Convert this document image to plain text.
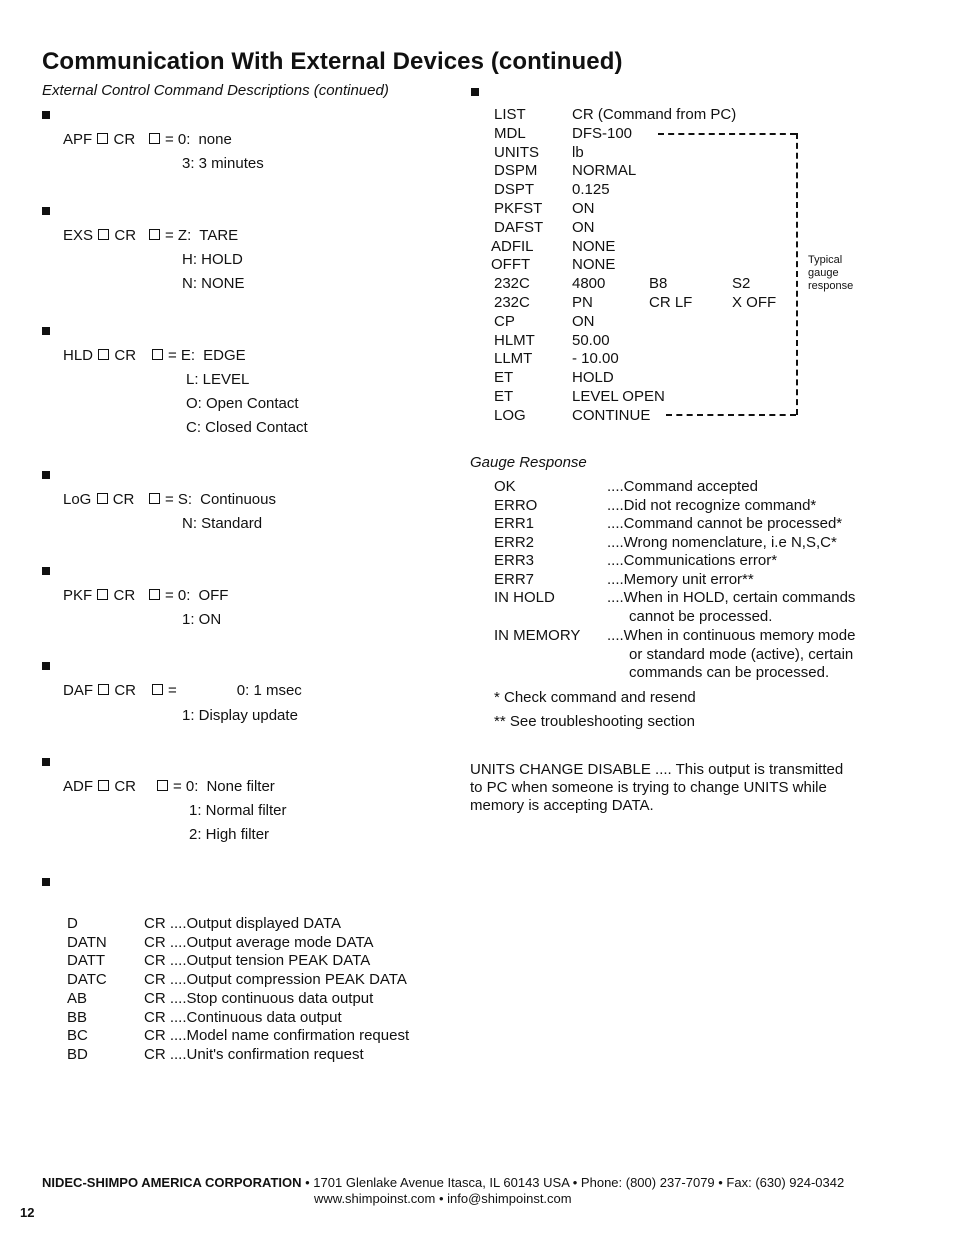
Communication With External Devices (continued)
External Control Command Descriptions (continued)
APF CR	= 0: none
3: 3 minutes
EXS CR	= Z: TARE
H: HOLD
N: NONE
HLD CR	= E: EDGE
L: LEVEL
O: Open Contact
C: Closed Contact
LoG CR	= S: Continuous
N: Standard
PKF CR	= 0: OFF
1: ON
DAF CR	=	0: 1 msec
1: Display update
ADF CR	= 0: None filter
1: Normal filter
2: High filter
D	CR ....Output displayed DATA
DATN CR ....Output average mode DATA
DATT	CR ....Output tension PEAK DATA
DATC CR ....Output compression PEAK DATA
AB	CR ....Stop continuous data output
BB	CR ....Continuous data output
BC	CR ....Model name confirmation request
BD	CR ....Unit's confirmation request
LIST	CR (Command from PC)
MDL	DFS-100
UNITS lb
DSPM NORMAL
DSPT	0.125
PKFST ON
DAFST ON
ADFIL	NONE
OFFT	NONE
232C	4800	B8	S2
232C	PN	CR LF	X OFF
CP	ON
HLMT 50.00
LLMT	- 10.00
ET	HOLD
ET	LEVEL OPEN
LOG	CONTINUE
Typical
gauge
response
Gauge Response
OK	....Command accepted
ERRO	....Did not recognize command*
ERR1	....Command cannot be processed*
ERR2	....Wrong nomenclature, i.e N,S,C*
ERR3	....Communications error*
ERR7	....Memory unit error**
IN HOLD	....When in HOLD, certain commands
cannot be processed.
IN MEMORY ....When in continuous memory mode
or standard mode (active), certain
commands can be processed.
* Check command and resend
** See troubleshooting section
UNITS CHANGE DISABLE .... This output is transmitted
to PC when someone is trying to change UNITS while
memory is accepting DATA.
NIDEC-SHIMPO AMERICA CORPORATION • 1701 Glenlake Avenue Itasca, IL 60143 USA • Phone: (800) 237-7079 • Fax: (630) 924-0342
www.shimpoinst.com • info@shimpoinst.com
12
